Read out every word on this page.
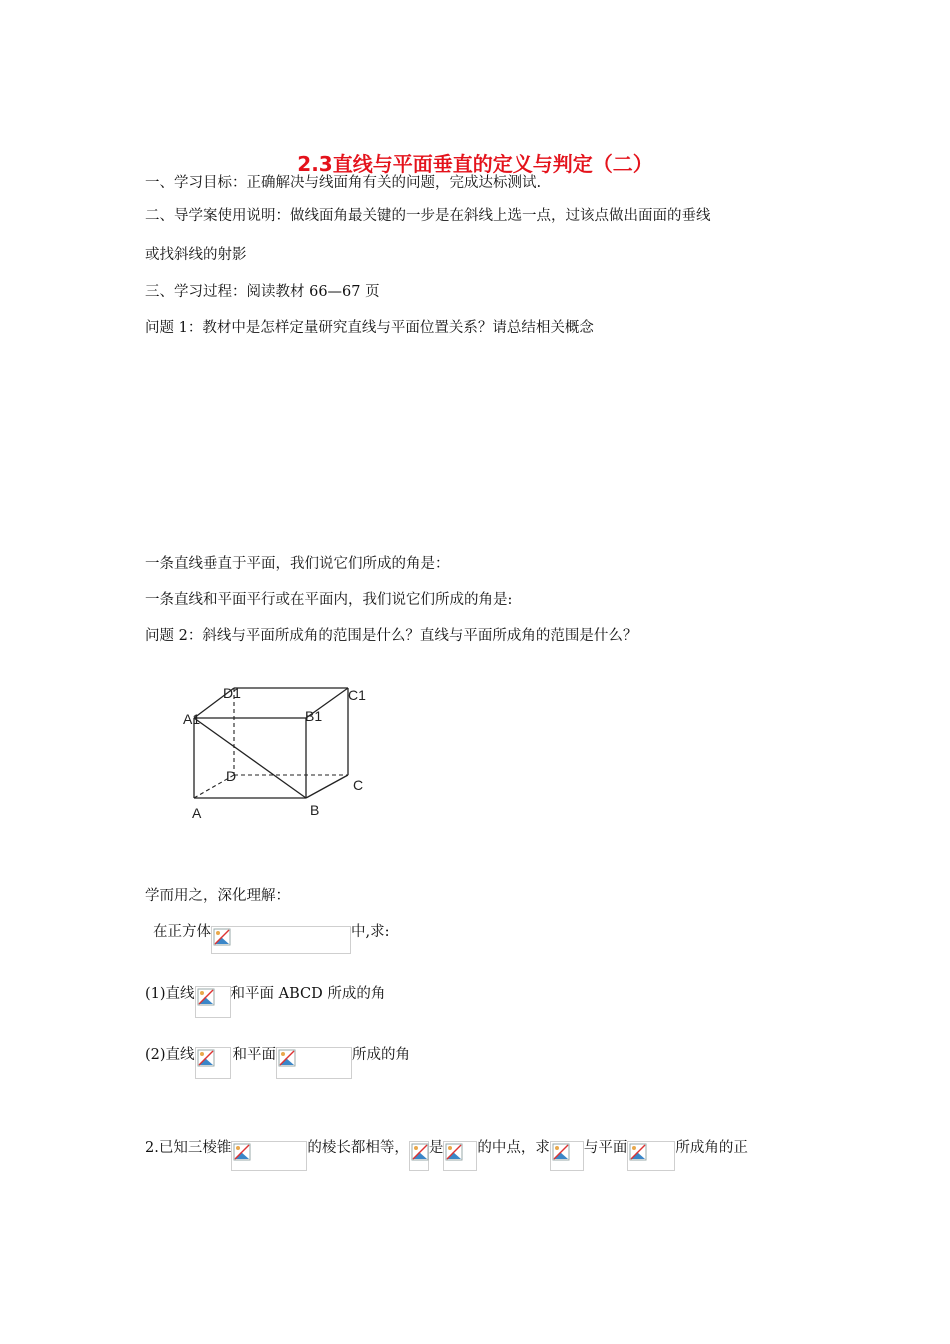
2.3直线与平面垂直的定义与判定（二）
一、学习目标：正确解决与线面角有关的问题，完成达标测试.
二、导学案使用说明：做线面角最关键的一步是在斜线上选一点，过该点做出面面的垂线
或找斜线的射影
三、学习过程：阅读教材 66—67 页
问题 1：教材中是怎样定量研究直线与平面位置关系？请总结相关概念
一条直线垂直于平面，我们说它们所成的角是：
一条直线和平面平行或在平面内，我们说它们所成的角是:
问题 2：斜线与平面所成角的范围是什么？直线与平面所成角的范围是什么？
D1	C1
A1	B1
D
C
A	B
学而用之，深化理解：
在正方体	中,求:
(1)直线 和平面 ABCD 所成的角
(2)直线	和平面	所成的角
2.已知三棱锥	的棱长都相等， 是 的中点，求 与平面	所成角的正
